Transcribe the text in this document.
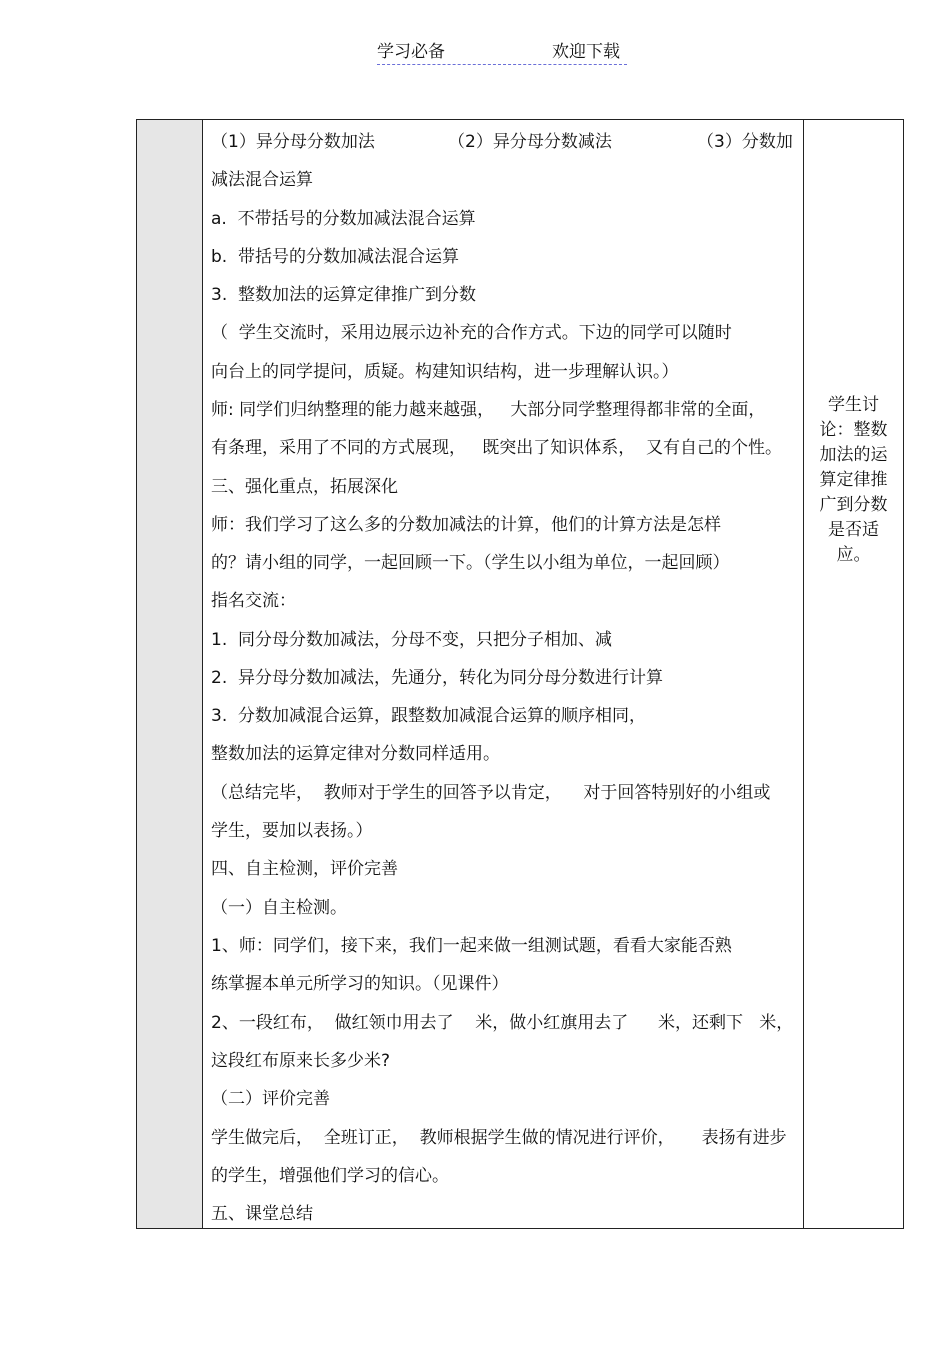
学习必备	欢迎下载
（1）异分母分数加法	（2）异分母分数减法	（3）分数加
减法混合运算
a.  不带括号的分数加减法混合运算
b.  带括号的分数加减法混合运算
3.  整数加法的运算定律推广到分数
（  学生交流时，采用边展示边补充的合作方式。下边的同学可以随时
向台上的同学提问，质疑。构建知识结构，进一步理解认识。）
师: 同学们归纳整理的能力越来越强，   大部分同学整理得都非常的全面，
有条理，采用了不同的方式展现，   既突出了知识体系，  又有自己的个性。
三、强化重点，拓展深化
师：我们学习了这么多的分数加减法的计算，他们的计算方法是怎样
的？请小组的同学，一起回顾一下。（学生以小组为单位，一起回顾）
指名交流：
1.  同分母分数加减法，分母不变，只把分子相加、减
2.  异分母分数加减法，先通分，转化为同分母分数进行计算
3.  分数加减混合运算，跟整数加减混合运算的顺序相同，
整数加法的运算定律对分数同样适用。
（总结完毕，  教师对于学生的回答予以肯定，    对于回答特别好的小组或
学生，要加以表扬。）
四、自主检测，评价完善
（一）自主检测。
1、师：同学们，接下来，我们一起来做一组测试题，看看大家能否熟
练掌握本单元所学习的知识。（见课件）
2、一段红布，  做红领巾用去了    米，做小红旗用去了 米，还剩下   米，
这段红布原来长多少米?
（二）评价完善
学生做完后，  全班订正，  教师根据学生做的情况进行评价，     表扬有进步
的学生，增强他们学习的信心。
五、课堂总结
学生讨
论：整数
加法的运
算定律推
广到分数
是否适
应。
